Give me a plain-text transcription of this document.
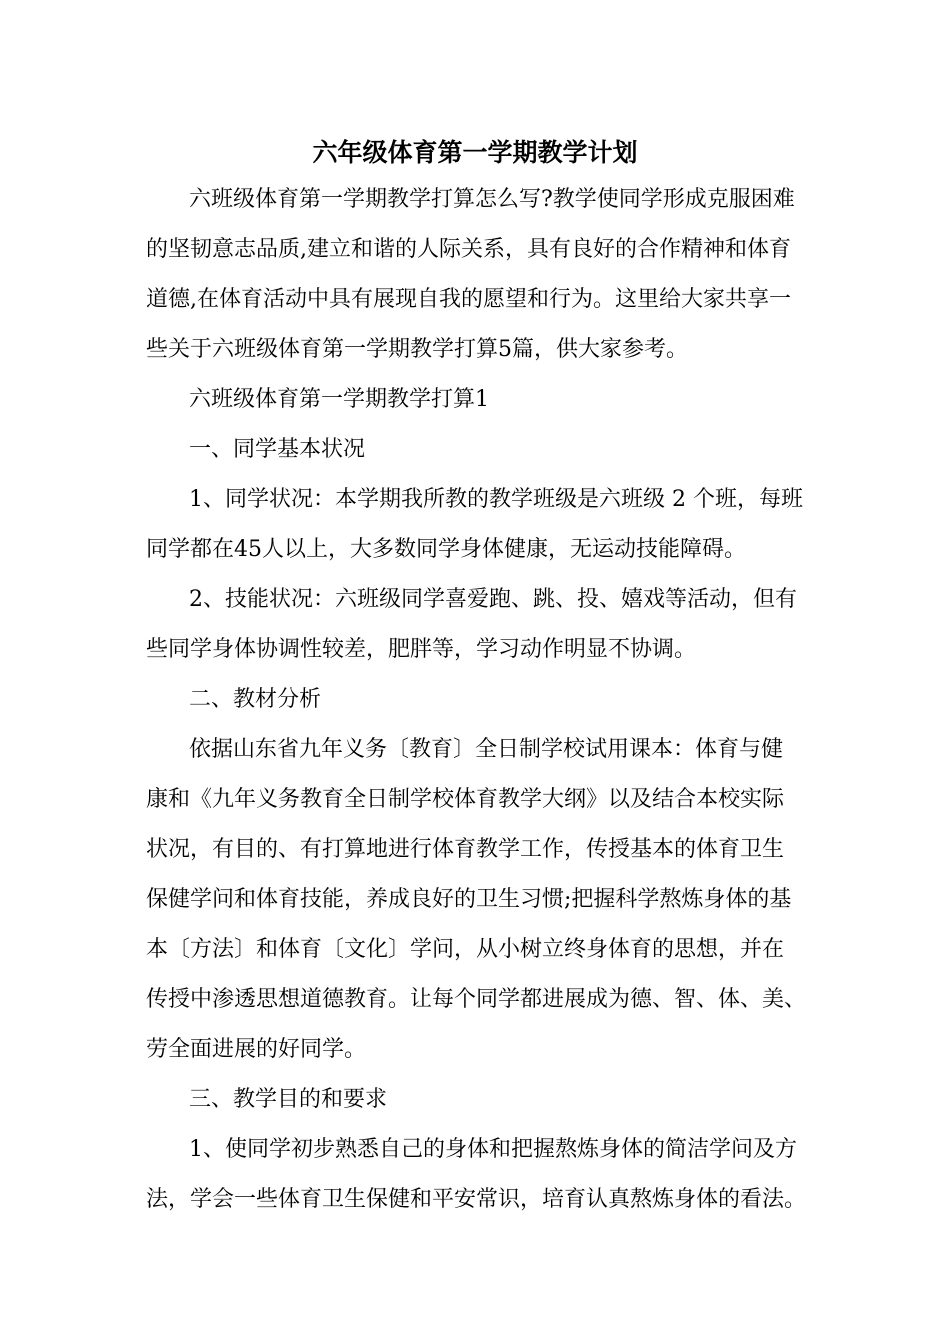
六年级体育第一学期教学计划
六班级体育第一学期教学打算怎么写?教学使同学形成克服困难
的坚韧意志品质,建立和谐的人际关系，具有良好的合作精神和体育
道德,在体育活动中具有展现自我的愿望和行为。这里给大家共享一
些关于六班级体育第一学期教学打算5篇，供大家参考。
六班级体育第一学期教学打算1
一、同学基本状况
1、同学状况：本学期我所教的教学班级是六班级 2 个班，每班
同学都在45人以上，大多数同学身体健康，无运动技能障碍。
2、技能状况：六班级同学喜爱跑、跳、投、嬉戏等活动，但有
些同学身体协调性较差，肥胖等，学习动作明显不协调。
二、教材分析
依据山东省九年义务〔教育〕全日制学校试用课本：体育与健
康和《九年义务教育全日制学校体育教学大纲》以及结合本校实际
状况，有目的、有打算地进行体育教学工作，传授基本的体育卫生
保健学问和体育技能，养成良好的卫生习惯;把握科学熬炼身体的基
本〔方法〕和体育〔文化〕学问，从小树立终身体育的思想，并在
传授中渗透思想道德教育。让每个同学都进展成为德、智、体、美、
劳全面进展的好同学。
三、教学目的和要求
1、使同学初步熟悉自己的身体和把握熬炼身体的简洁学问及方
法，学会一些体育卫生保健和平安常识，培育认真熬炼身体的看法。
